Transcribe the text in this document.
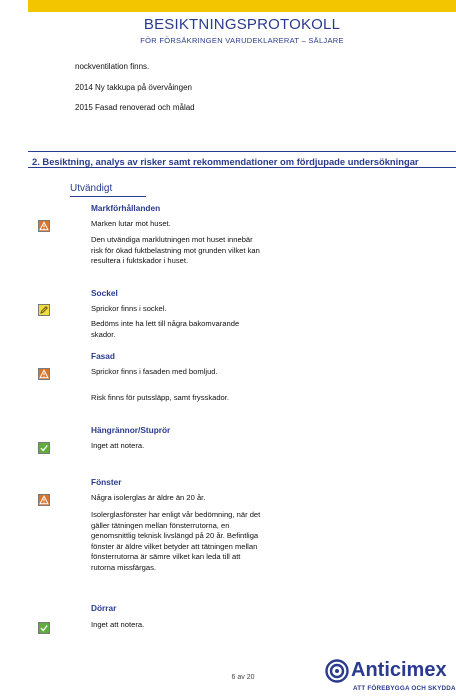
BESIKTNINGSPROTOKOLL
FÖR FÖRSÄKRINGEN VARUDEKLARERAT – SÄLJARE
nockventilation finns.
2014 Ny takkupa på övervåingen
2015 Fasad renoverad och målad
2. Besiktning, analys av risker samt rekommendationer om fördjupade undersökningar
Utvändigt
Markförhållanden
Marken lutar mot huset.
Den utvändiga marklutningen mot huset innebär risk för ökad fuktbelastning mot grunden vilket kan resultera i fuktskador i huset.
Sockel
Sprickor finns i sockel.
Bedöms inte ha lett till några bakomvarande skador.
Fasad
Sprickor finns i fasaden med bomljud.
Risk finns för putssläpp, samt frysskador.
Hängrännor/Stuprör
Inget att notera.
Fönster
Några isolerglas är äldre än 20 år.
Isolerglasfönster har enligt vår bedömning, när det gäller tätningen mellan fönsterrutorna, en genomsnittlig teknisk livslängd på 20 år. Befintliga fönster är äldre vilket betyder att tätningen mellan fönsterrutorna är sämre vilket kan leda till att rutorna missfärgas.
Dörrar
Inget att notera.
6 av 20	Anticimex
ATT FÖREBYGGA OCH SKYDDA
